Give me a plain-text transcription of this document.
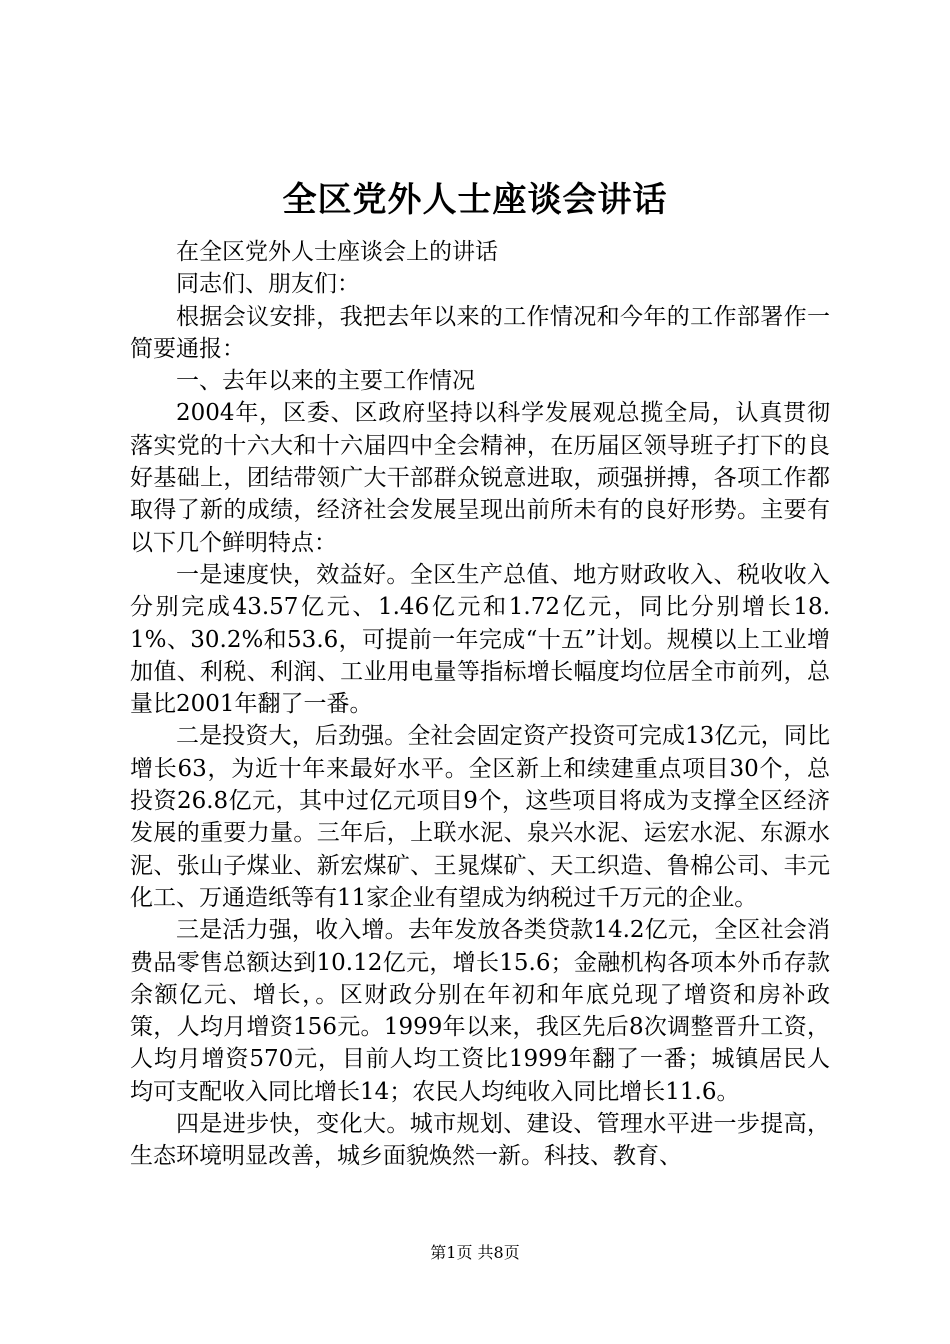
全区党外人士座谈会讲话

在全区党外人士座谈会上的讲话

同志们、朋友们：

根据会议安排，我把去年以来的工作情况和今年的工作部署作一简要通报：

一、去年以来的主要工作情况

2004年，区委、区政府坚持以科学发展观总揽全局，认真贯彻落实党的十六大和十六届四中全会精神，在历届区领导班子打下的良好基础上，团结带领广大干部群众锐意进取，顽强拼搏，各项工作都取得了新的成绩，经济社会发展呈现出前所未有的良好形势。主要有以下几个鲜明特点：

一是速度快，效益好。全区生产总值、地方财政收入、税收收入分别完成43.57亿元、1.46亿元和1.72亿元，同比分别增长18.1%、30.2%和53.6，可提前一年完成“十五”计划。规模以上工业增加值、利税、利润、工业用电量等指标增长幅度均位居全市前列，总量比2001年翻了一番。

二是投资大，后劲强。全社会固定资产投资可完成13亿元，同比增长63，为近十年来最好水平。全区新上和续建重点项目30个，总投资26.8亿元，其中过亿元项目9个，这些项目将成为支撑全区经济发展的重要力量。三年后，上联水泥、泉兴水泥、运宏水泥、东源水泥、张山子煤业、新宏煤矿、王晁煤矿、天工织造、鲁棉公司、丰元化工、万通造纸等有11家企业有望成为纳税过千万元的企业。

三是活力强，收入增。去年发放各类贷款14.2亿元，全区社会消费品零售总额达到10.12亿元，增长15.6；金融机构各项本外币存款余额亿元、增长，。区财政分别在年初和年底兑现了增资和房补政策，人均月增资156元。1999年以来，我区先后8次调整晋升工资，人均月增资570元，目前人均工资比1999年翻了一番；城镇居民人均可支配收入同比增长14；农民人均纯收入同比增长11.6。

四是进步快，变化大。城市规划、建设、管理水平进一步提高，生态环境明显改善，城乡面貌焕然一新。科技、教育、

第1页 共8页
